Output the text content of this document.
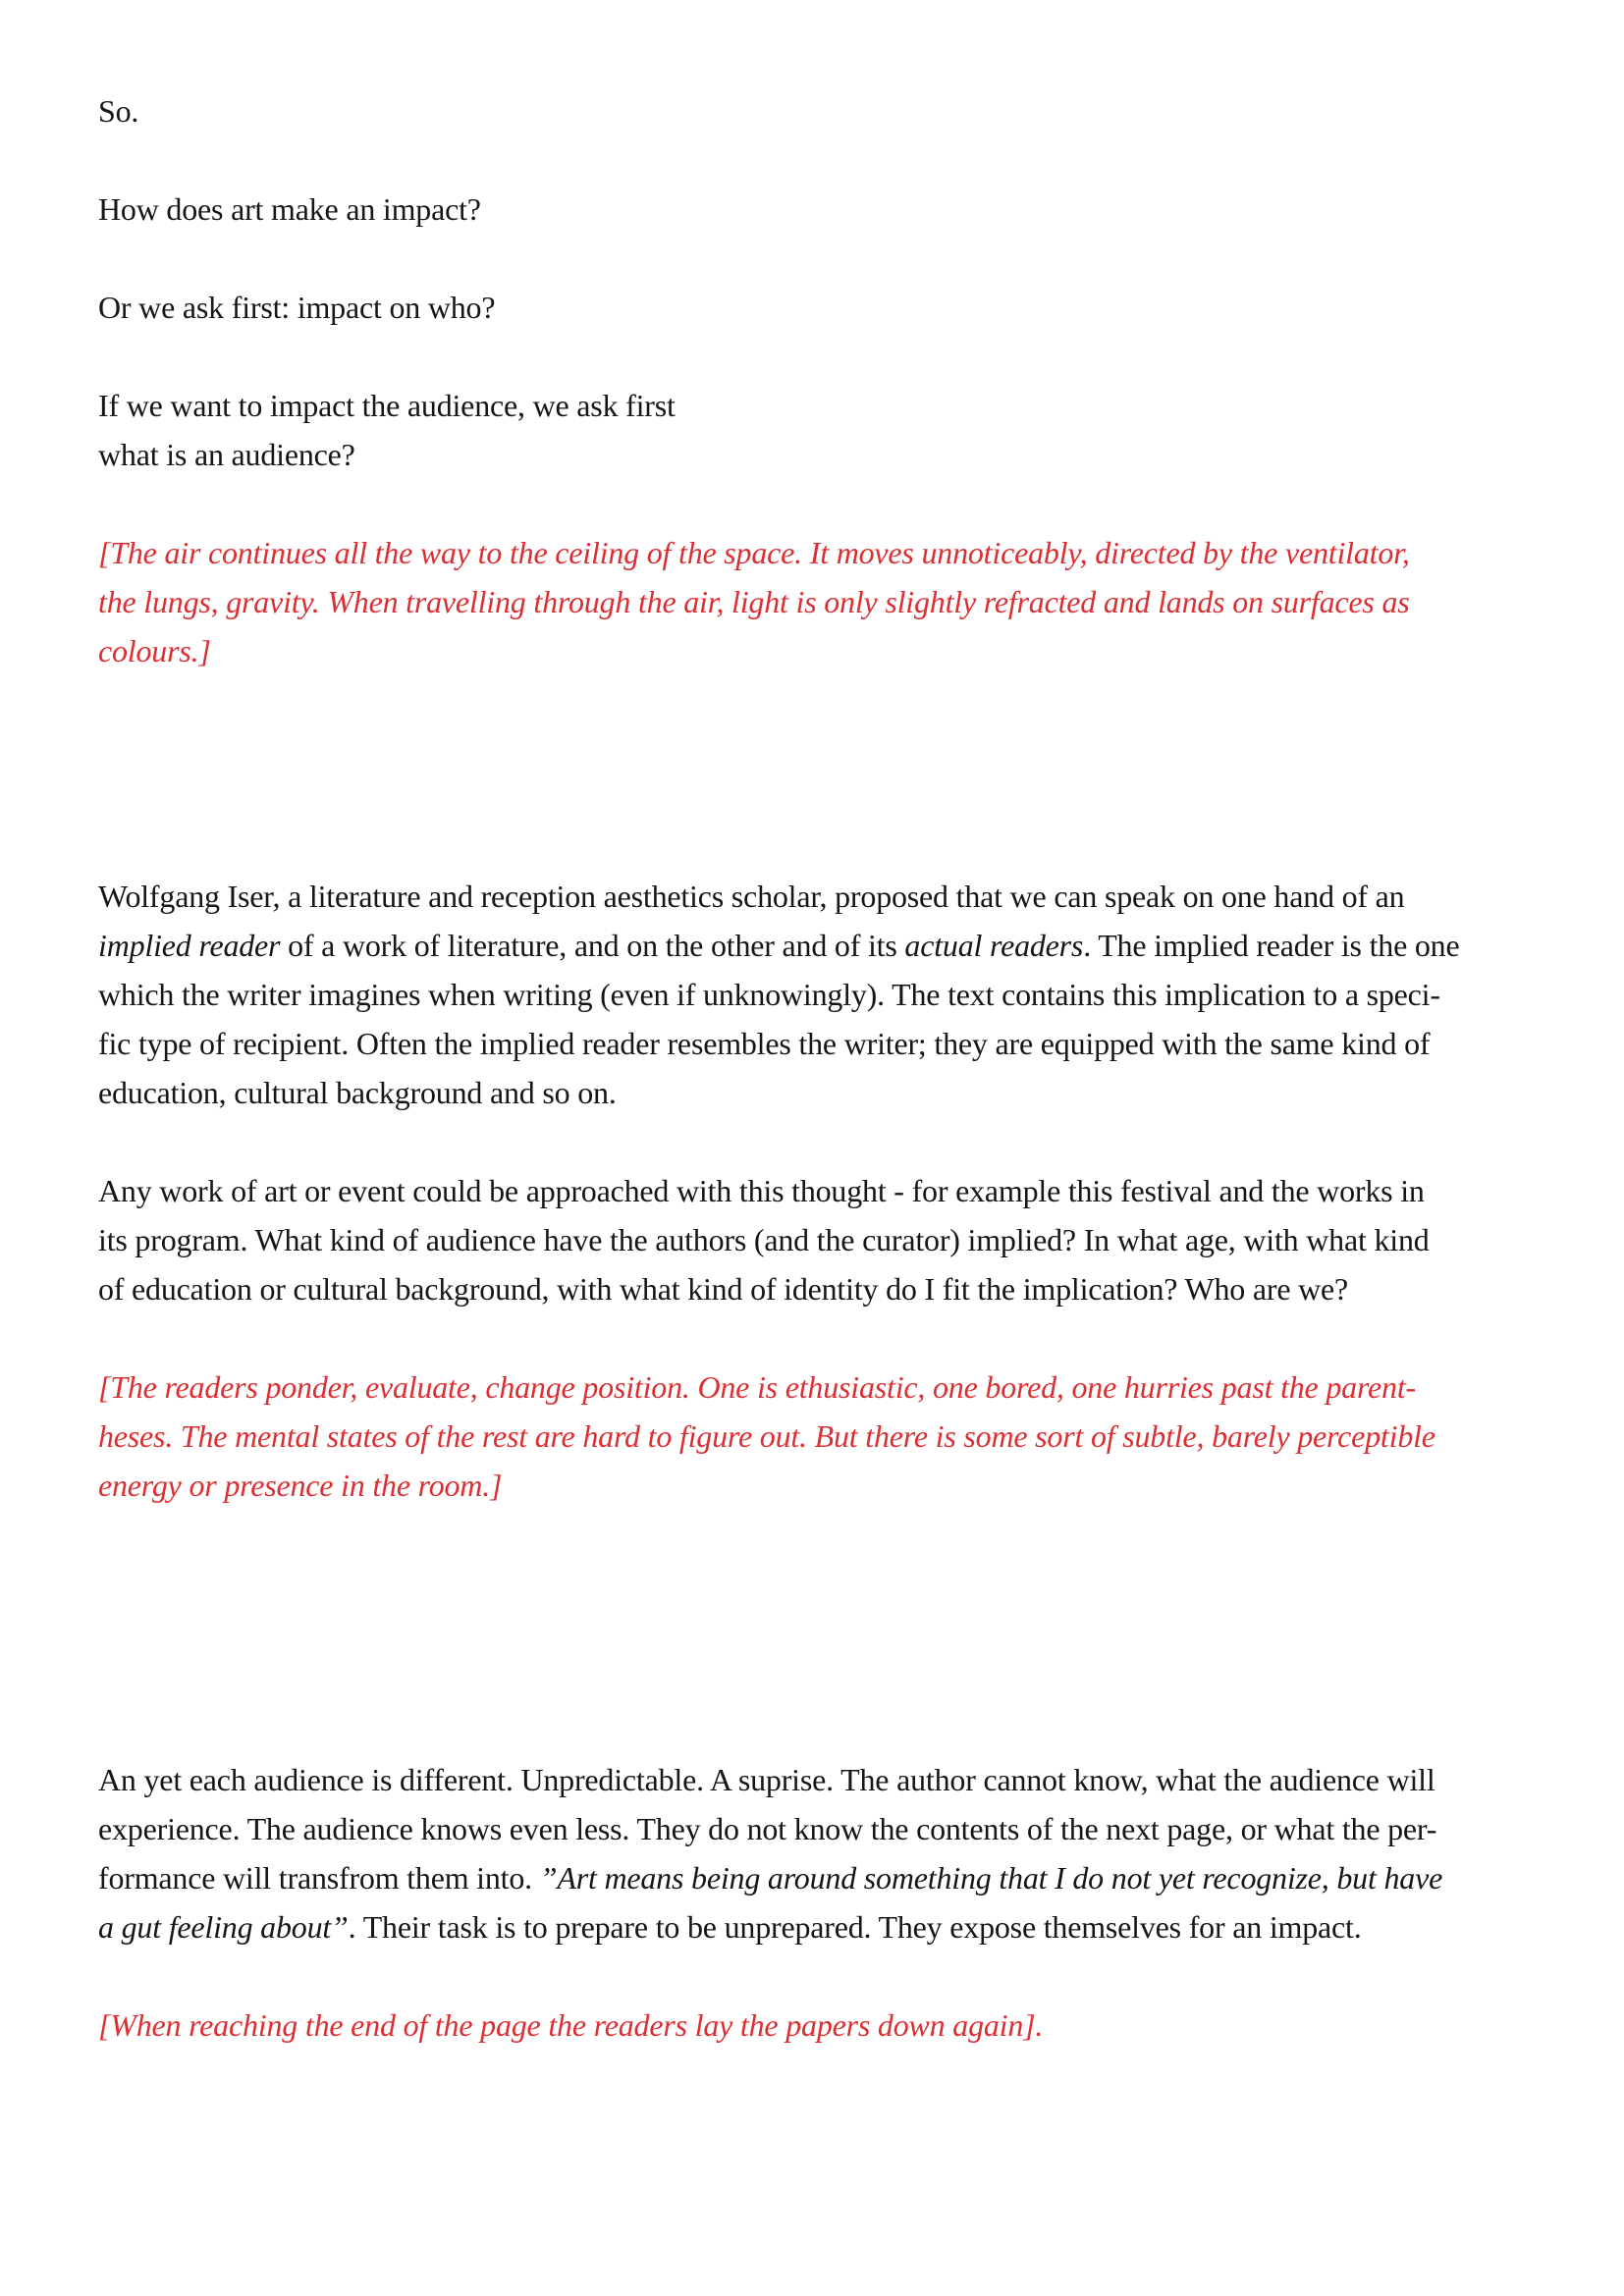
So.
How does art make an impact?
Or we ask first: impact on who?
If we want to impact the audience, we ask first
what is an audience?
[The air continues all the way to the ceiling of the space. It moves unnoticeably, directed by the ventilator,
the lungs, gravity. When travelling through the air, light is only slightly refracted and lands on surfaces as
colours.]
Wolfgang Iser, a literature and reception aesthetics scholar, proposed that we can speak on one hand of an
implied reader of a work of literature, and on the other and of its actual readers. The implied reader is the one
which the writer imagines when writing (even if unknowingly). The text contains this implication to a speci-
fic type of recipient. Often the implied reader resembles the writer; they are equipped with the same kind of
education, cultural background and so on.
Any work of art or event could be approached with this thought - for example this festival and the works in
its program. What kind of audience have the authors (and the curator) implied? In what age, with what kind
of education or cultural background, with what kind of identity do I fit the implication? Who are we?
[The readers ponder, evaluate, change position. One is ethusiastic, one bored, one hurries past the parent-
heses. The mental states of the rest are hard to figure out. But there is some sort of subtle, barely perceptible
energy or presence in the room.]
An yet each audience is different. Unpredictable. A suprise. The author cannot know, what the audience will
experience. The audience knows even less. They do not know the contents of the next page, or what the per-
formance will transfrom them into. ”Art means being around something that I do not yet recognize, but have
a gut feeling about”. Their task is to prepare to be unprepared. They expose themselves for an impact.
[When reaching the end of the page the readers lay the papers down again].
